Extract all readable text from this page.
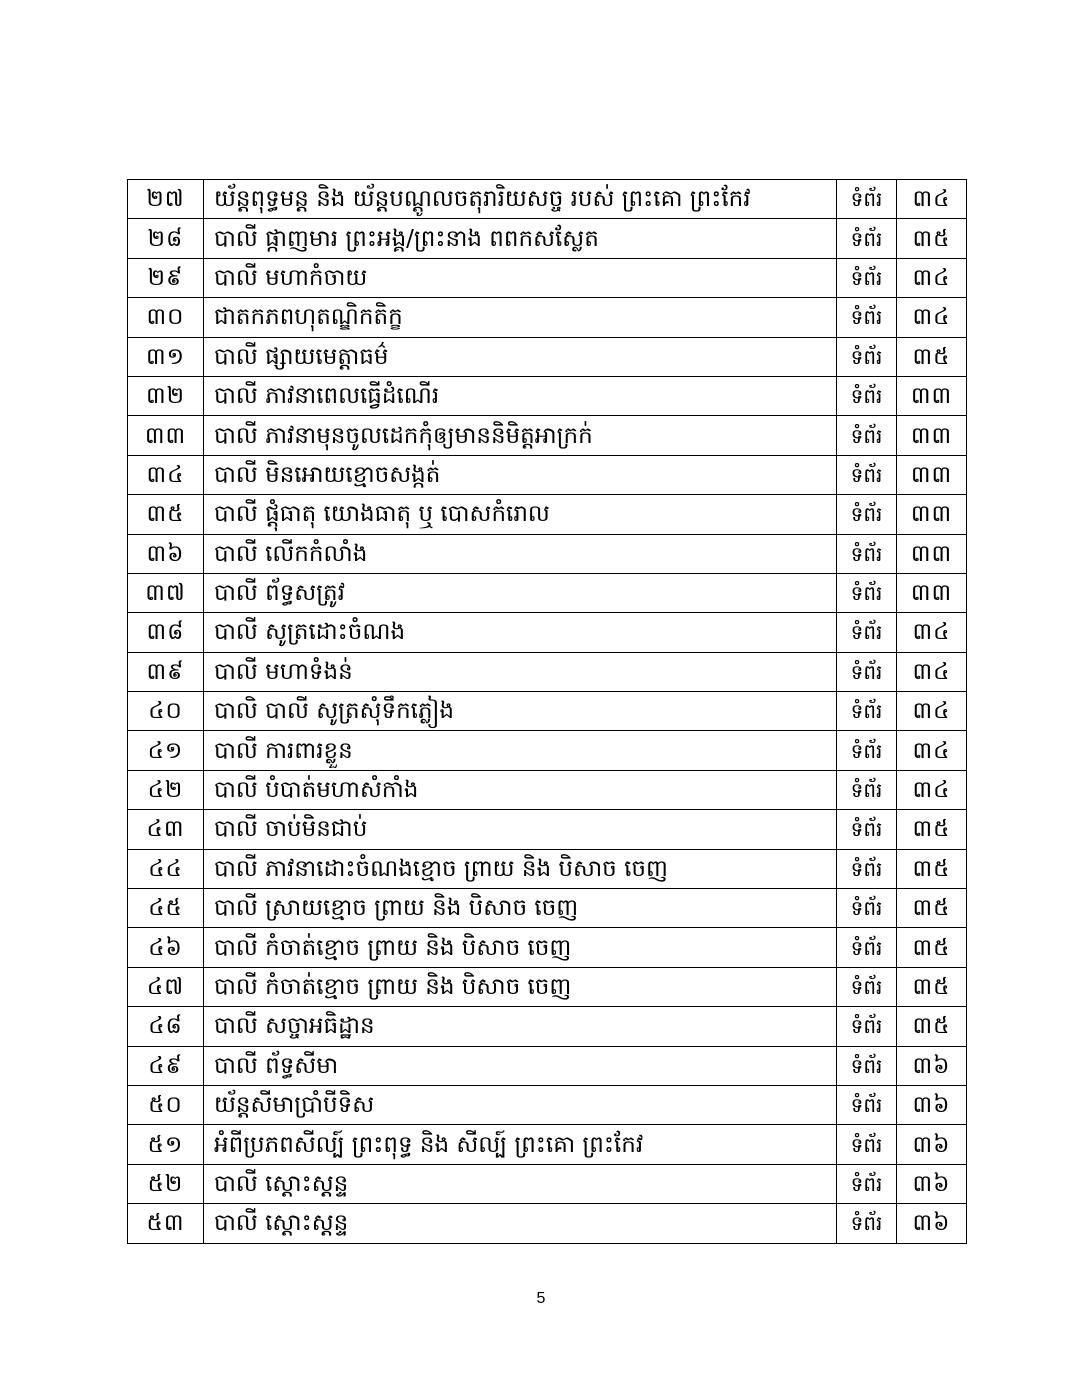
២៧	យ័ន្តពុទ្ធមន្ត និង យ័ន្តបណ្តូលចតុរារិយសច្ច របស់ ព្រះគោ ព្រះកែវ	ទំព័រ	៣៤
២៨	បាលី ផ្កាញមារ ព្រះអង្គ/ព្រះនាង ពពកសស្លែត	ទំព័រ	៣៥
២៩	បាលី មហាកំចាយ	ទំព័រ	៣៤
៣០	ជាតកភពហុតណ្ឌិកតិក្ខ	ទំព័រ	៣៤
៣១	បាលី ផ្សាយមេត្តាធម៌	ទំព័រ	៣៥
៣២	បាលី ភាវនាពេលធ្វើដំណើរ	ទំព័រ	៣៣
៣៣	បាលី ភាវនាមុនចូលដេកកុំឲ្យមាននិមិត្តអាក្រក់	ទំព័រ	៣៣
៣៤	បាលី មិនអោយខ្មោចសង្កត់	ទំព័រ	៣៣
៣៥	បាលី ផ្តុំធាតុ យោងធាតុ ឬ បោសកំរោល	ទំព័រ	៣៣
៣៦	បាលី លើកកំលាំង	ទំព័រ	៣៣
៣៧	បាលី ព័ទ្ធសត្រូវ	ទំព័រ	៣៣
៣៨	បាលី សូត្រដោះចំណង	ទំព័រ	៣៤
៣៩	បាលី មហាទំងន់	ទំព័រ	៣៤
៤០	បាលិ បាលី សូត្រសុំទឹកភ្លៀង	ទំព័រ	៣៤
៤១	បាលី ការពារខ្លួន	ទំព័រ	៣៤
៤២	បាលី បំបាត់មហាសំកាំង	ទំព័រ	៣៤
៤៣	បាលី ចាប់មិនជាប់	ទំព័រ	៣៥
៤៤	បាលី ភាវនាដោះចំណងខ្មោច ព្រាយ និង បិសាច ចេញ	ទំព័រ	៣៥
៤៥	បាលី ស្រាយខ្មោច ព្រាយ និង បិសាច ចេញ	ទំព័រ	៣៥
៤៦	បាលី កំចាត់ខ្មោច ព្រាយ និង បិសាច ចេញ	ទំព័រ	៣៥
៤៧	បាលី កំចាត់ខ្មោច ព្រាយ និង បិសាច ចេញ	ទំព័រ	៣៥
៤៨	បាលី សច្ចាអធិដ្ឋាន	ទំព័រ	៣៥
៤៩	បាលី ព័ទ្ធសីមា	ទំព័រ	៣៦
៥០	យ័ន្តសីមាប្រាំបីទិស	ទំព័រ	៣៦
៥១	អំពីប្រភពសីល្ប៍ ព្រះពុទ្ធ និង សីល្ប៍ ព្រះគោ ព្រះកែវ	ទំព័រ	៣៦
៥២	បាលី ស្តោះស្តន្ទ	ទំព័រ	៣៦
៥៣	បាលី ស្តោះស្តន្ទ	ទំព័រ	៣៦
5
